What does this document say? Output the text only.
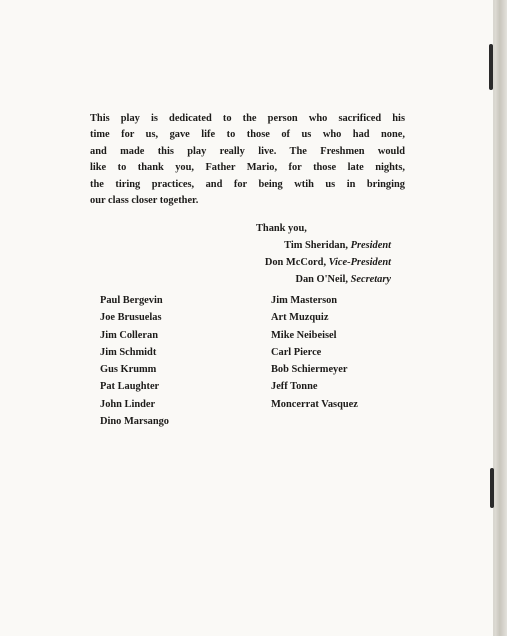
This play is dedicated to the person who sacrificed his
time for us, gave life to those of us who had none,
and made this play really live. The Freshmen would
like to thank you, Father Mario, for those late nights,
the tiring practices, and for being wtih us in bringing
our class closer together.
Thank you,
Tim Sheridan, President
Don McCord, Vice-President
Dan O'Neil, Secretary
Paul Bergevin
Joe Brusuelas
Jim Colleran
Jim Schmidt
Gus Krumm
Pat Laughter
John Linder
Dino Marsango
Jim Masterson
Art Muzquiz
Mike Neibeisel
Carl Pierce
Bob Schiermeyer
Jeff Tonne
Moncerrat Vasquez
